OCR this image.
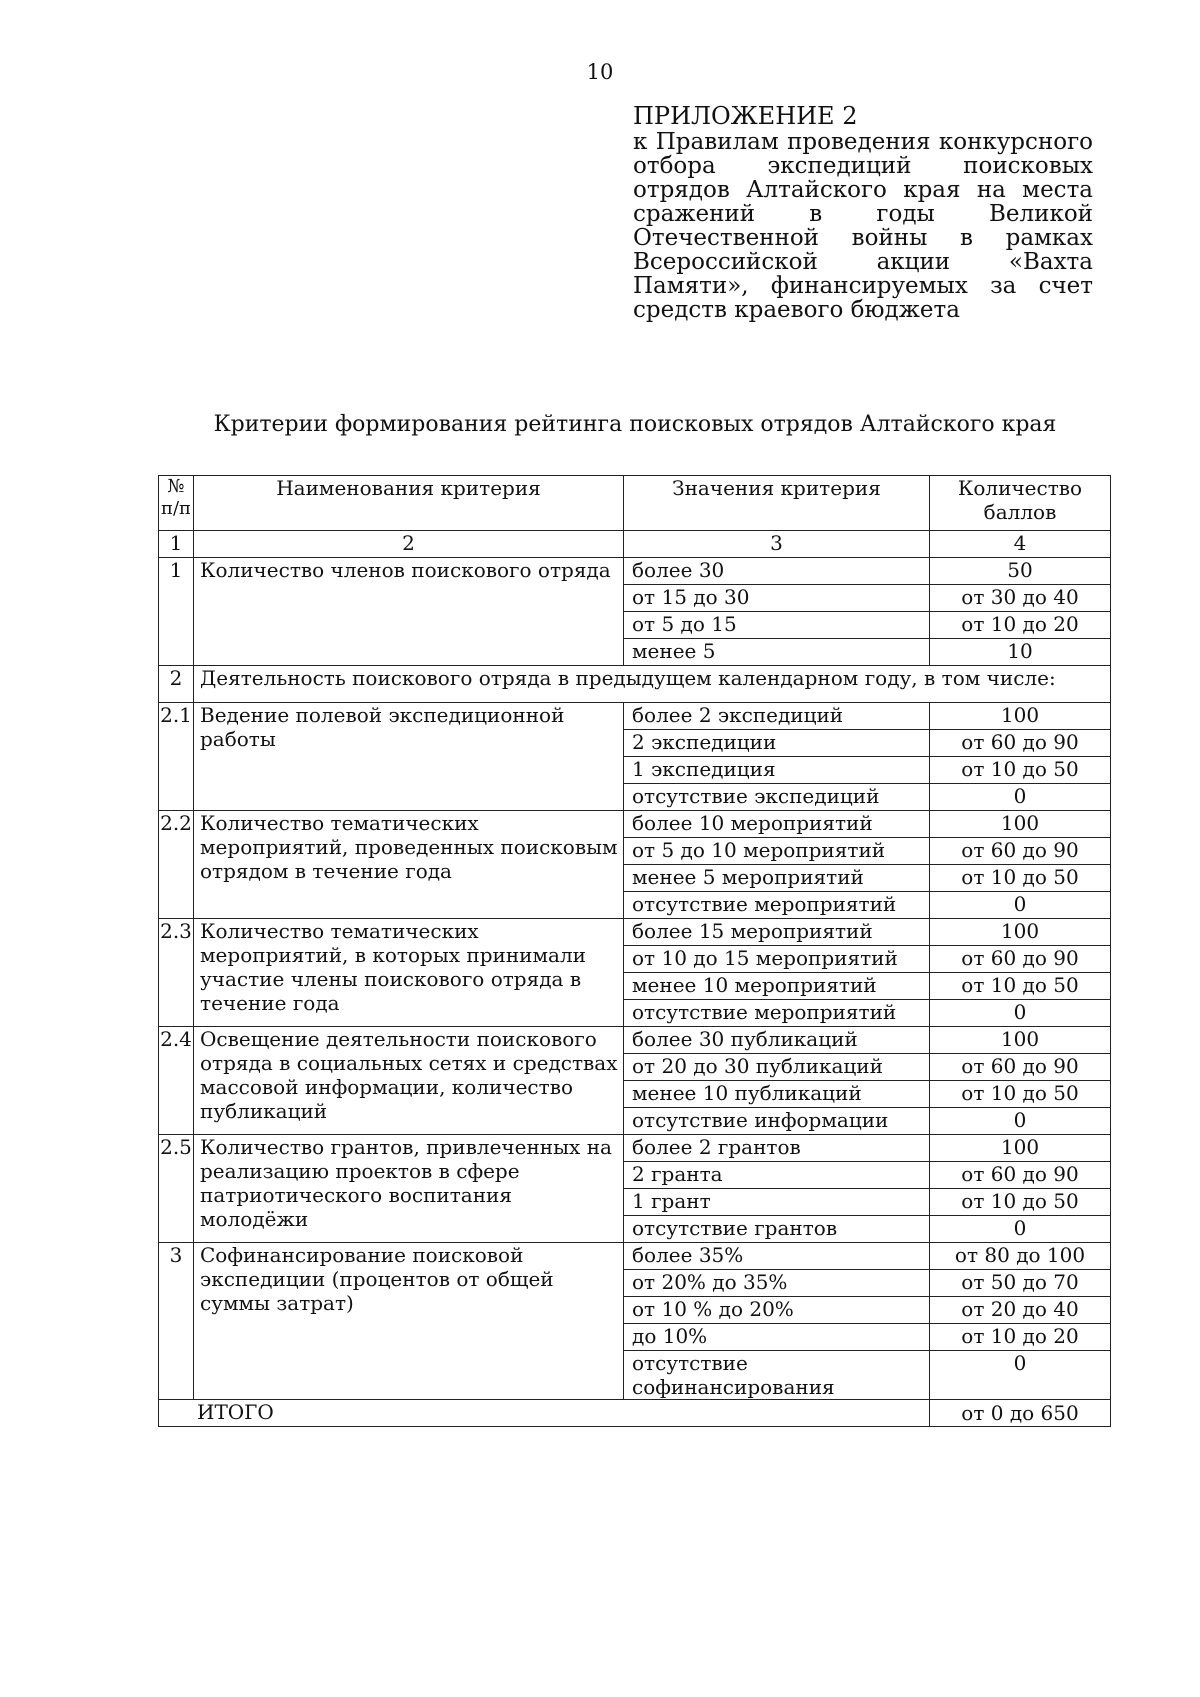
10
ПРИЛОЖЕНИЕ 2
к Правилам проведения конкурсного отбора экспедиций поисковых отрядов Алтайского края на места сражений в годы Великой Отечественной войны в рамках Всероссийской акции «Вахта Памяти», финансируемых за счет средств краевого бюджета
Критерии формирования рейтинга поисковых отрядов Алтайского края
№ п/п	Наименования критерия	Значения критерия	Количество баллов
1	2	3	4
1	Количество членов поискового отряда	более 30	50
		от 15 до 30	от 30 до 40
		от 5 до 15	от 10 до 20
		менее 5	10
2	Деятельность поискового отряда в предыдущем календарном году, в том числе:		
2.1	Ведение полевой экспедиционной работы	более 2 экспедиций	100
		2 экспедиции	от 60 до 90
		1 экспедиция	от 10 до 50
		отсутствие экспедиций	0
2.2	Количество тематических мероприятий, проведенных поисковым отрядом в течение года	более 10 мероприятий	100
		от 5 до 10 мероприятий	от 60 до 90
		менее 5 мероприятий	от 10 до 50
		отсутствие мероприятий	0
2.3	Количество тематических мероприятий, в которых принимали участие члены поискового отряда в течение года	более 15 мероприятий	100
		от 10 до 15 мероприятий	от 60 до 90
		менее 10 мероприятий	от 10 до 50
		отсутствие мероприятий	0
2.4	Освещение деятельности поискового отряда в социальных сетях и средствах массовой информации, количество публикаций	более 30 публикаций	100
		от 20 до 30 публикаций	от 60 до 90
		менее 10 публикаций	от 10 до 50
		отсутствие информации	0
2.5	Количество грантов, привлеченных на реализацию проектов в сфере патриотического воспитания молодёжи	более 2 грантов	100
		2 гранта	от 60 до 90
		1 грант	от 10 до 50
		отсутствие грантов	0
3	Софинансирование поисковой экспедиции (процентов от общей суммы затрат)	более 35%	от 80 до 100
		от 20% до 35%	от 50 до 70
		от 10 % до 20%	от 20 до 40
		до 10%	от 10 до 20
		отсутствие софинансирования	0
ИТОГО			от 0 до 650
